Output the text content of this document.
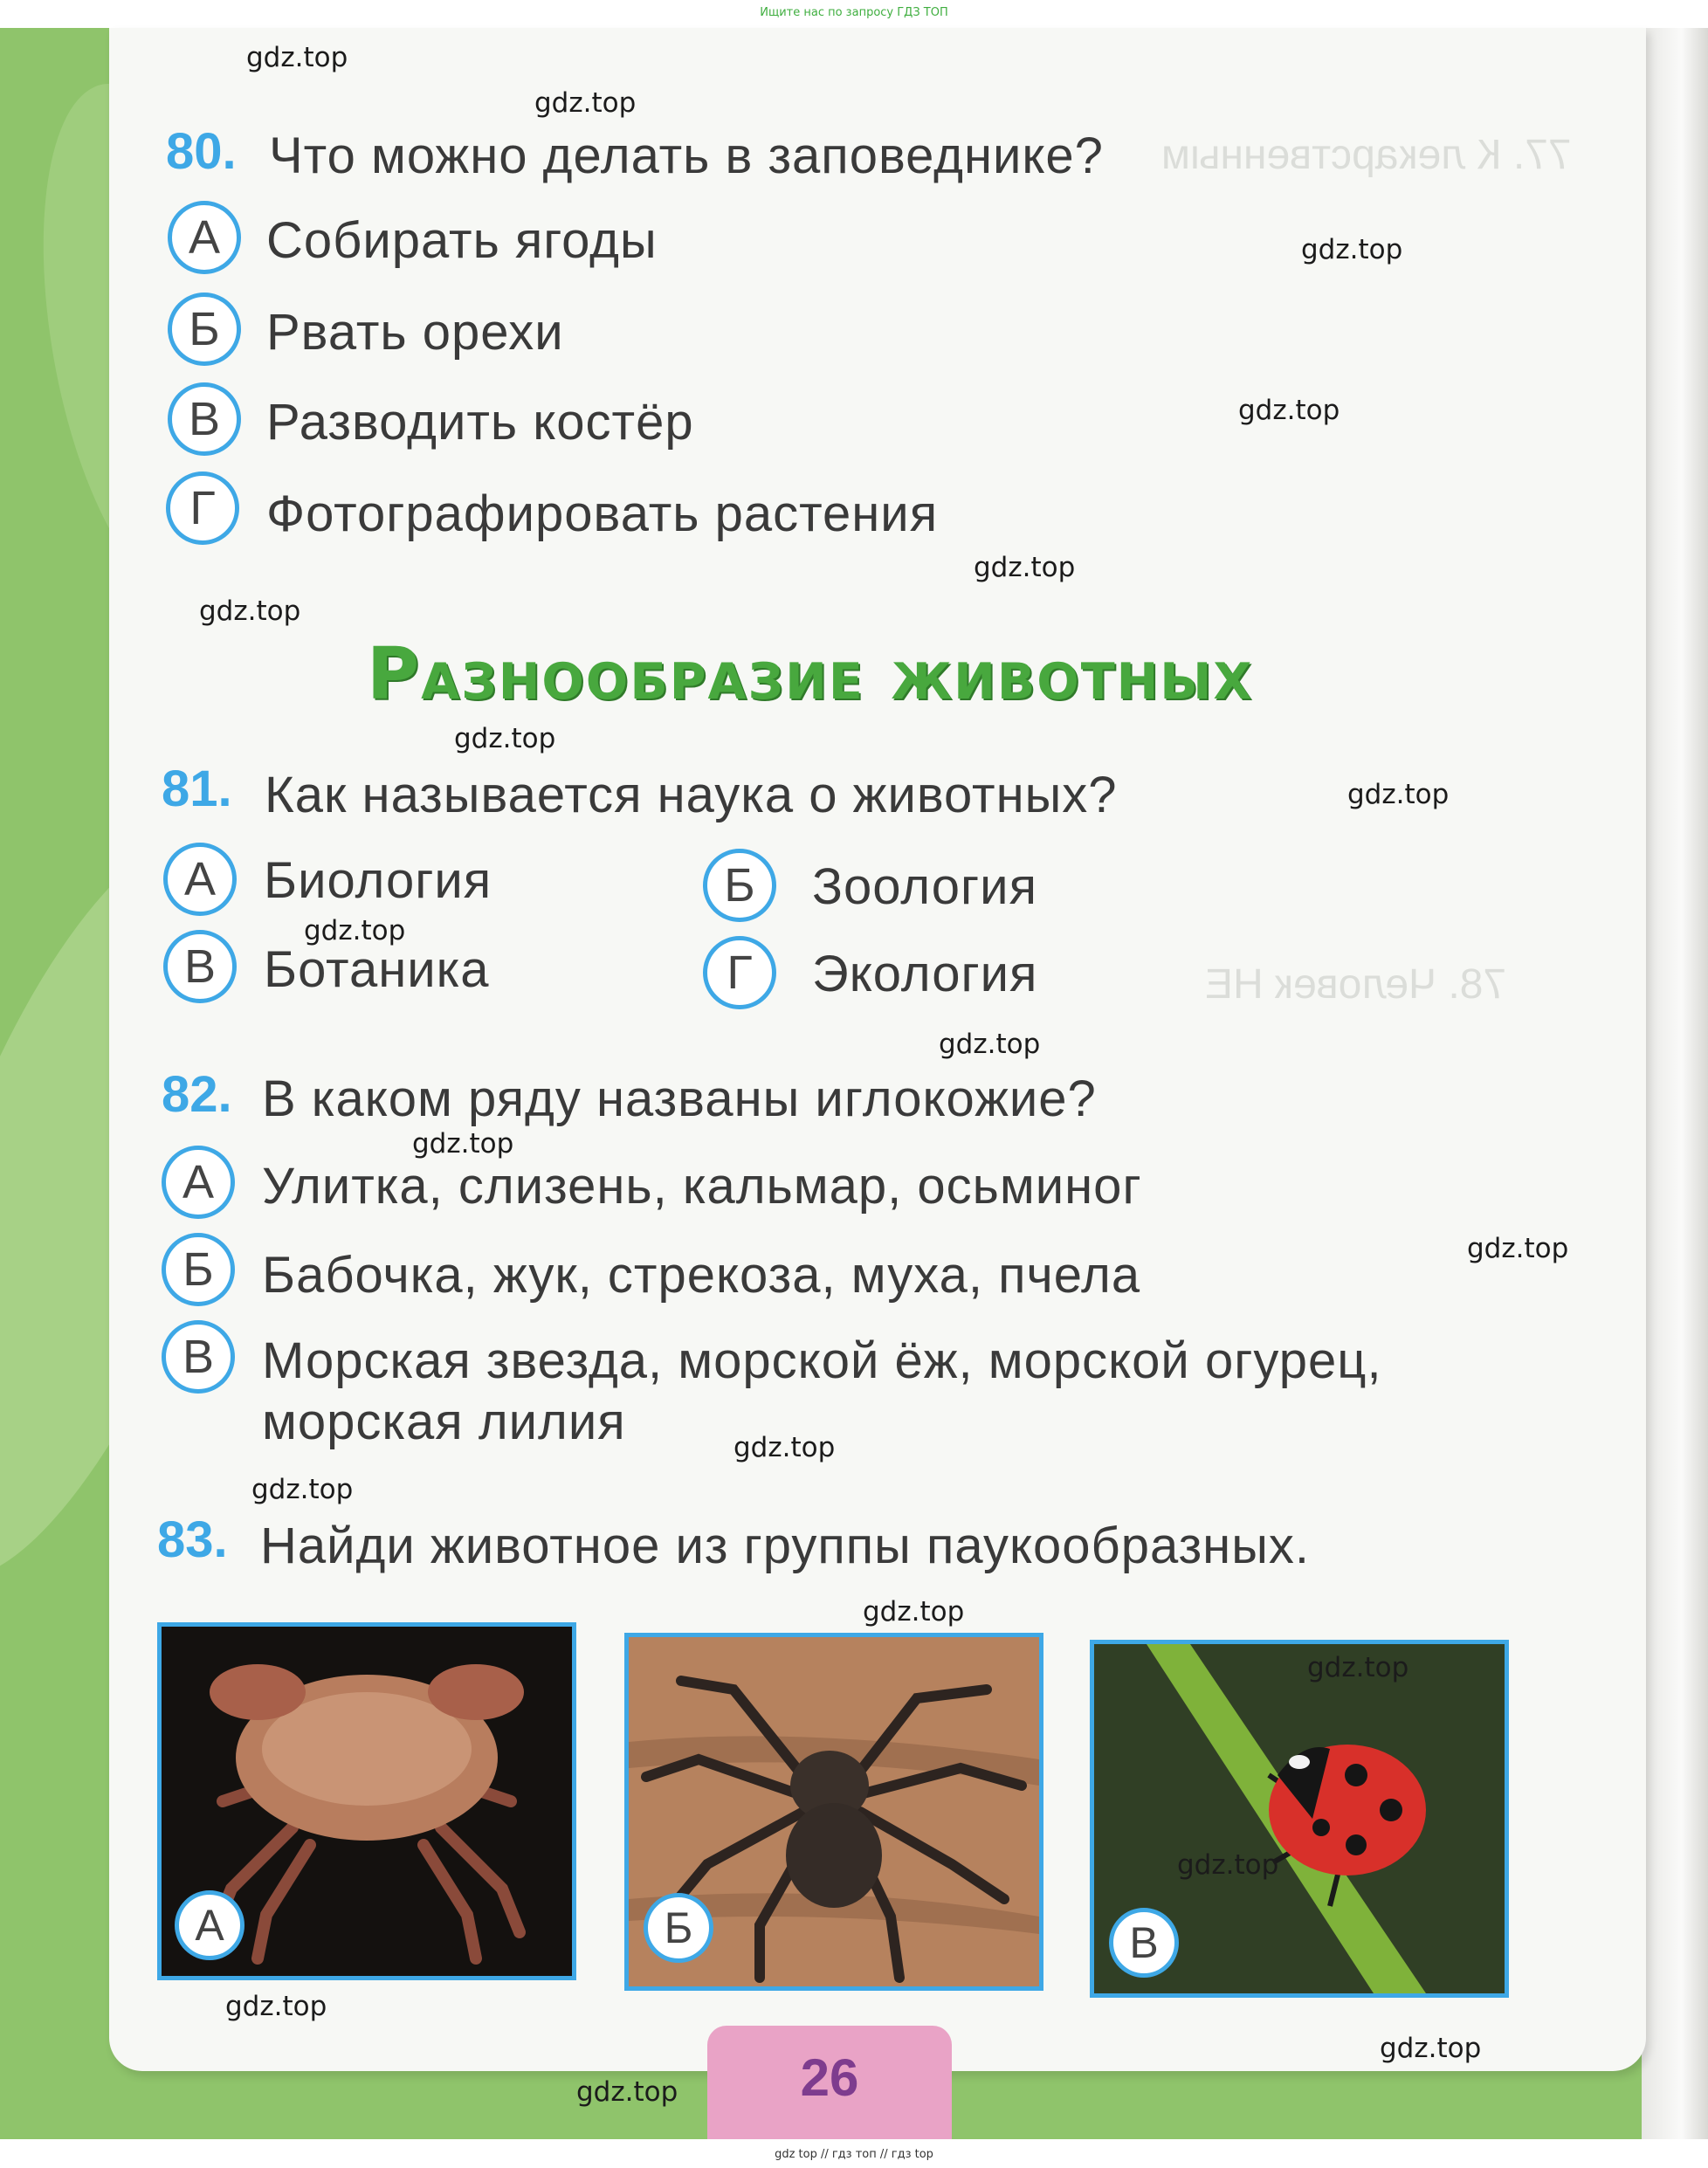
Ищите нас по запросу ГДЗ ТОП
77. К лекарственным
78. Человек НЕ
80. Что можно делать в заповеднике?
А Собирать ягоды
Б Рвать орехи
В Разводить костёр
Г	Фотографировать растения
Разнообразие животных
81. Как называется наука о животных?
А Биология	Б	Зоология
В Ботаника	Г	Экология
82. В каком ряду названы иглокожие?
А Улитка, слизень, кальмар, осьминог
Б Бабочка, жук, стрекоза, муха, пчела
В Морская звезда, морской ёж, морской огурец,
морская лилия
83. Найди животное из группы паукообразных.
А	Б	В
26
gdz.top
gdz.top
gdz.top
gdz.top
gdz.top
gdz.top
gdz.top
gdz.top
gdz.top
gdz.top
gdz.top
gdz.top
gdz.top
gdz.top
gdz.top
gdz.top
gdz.top
gdz.top
gdz.top
gdz.top
gdz top // гдз топ // гдз top
